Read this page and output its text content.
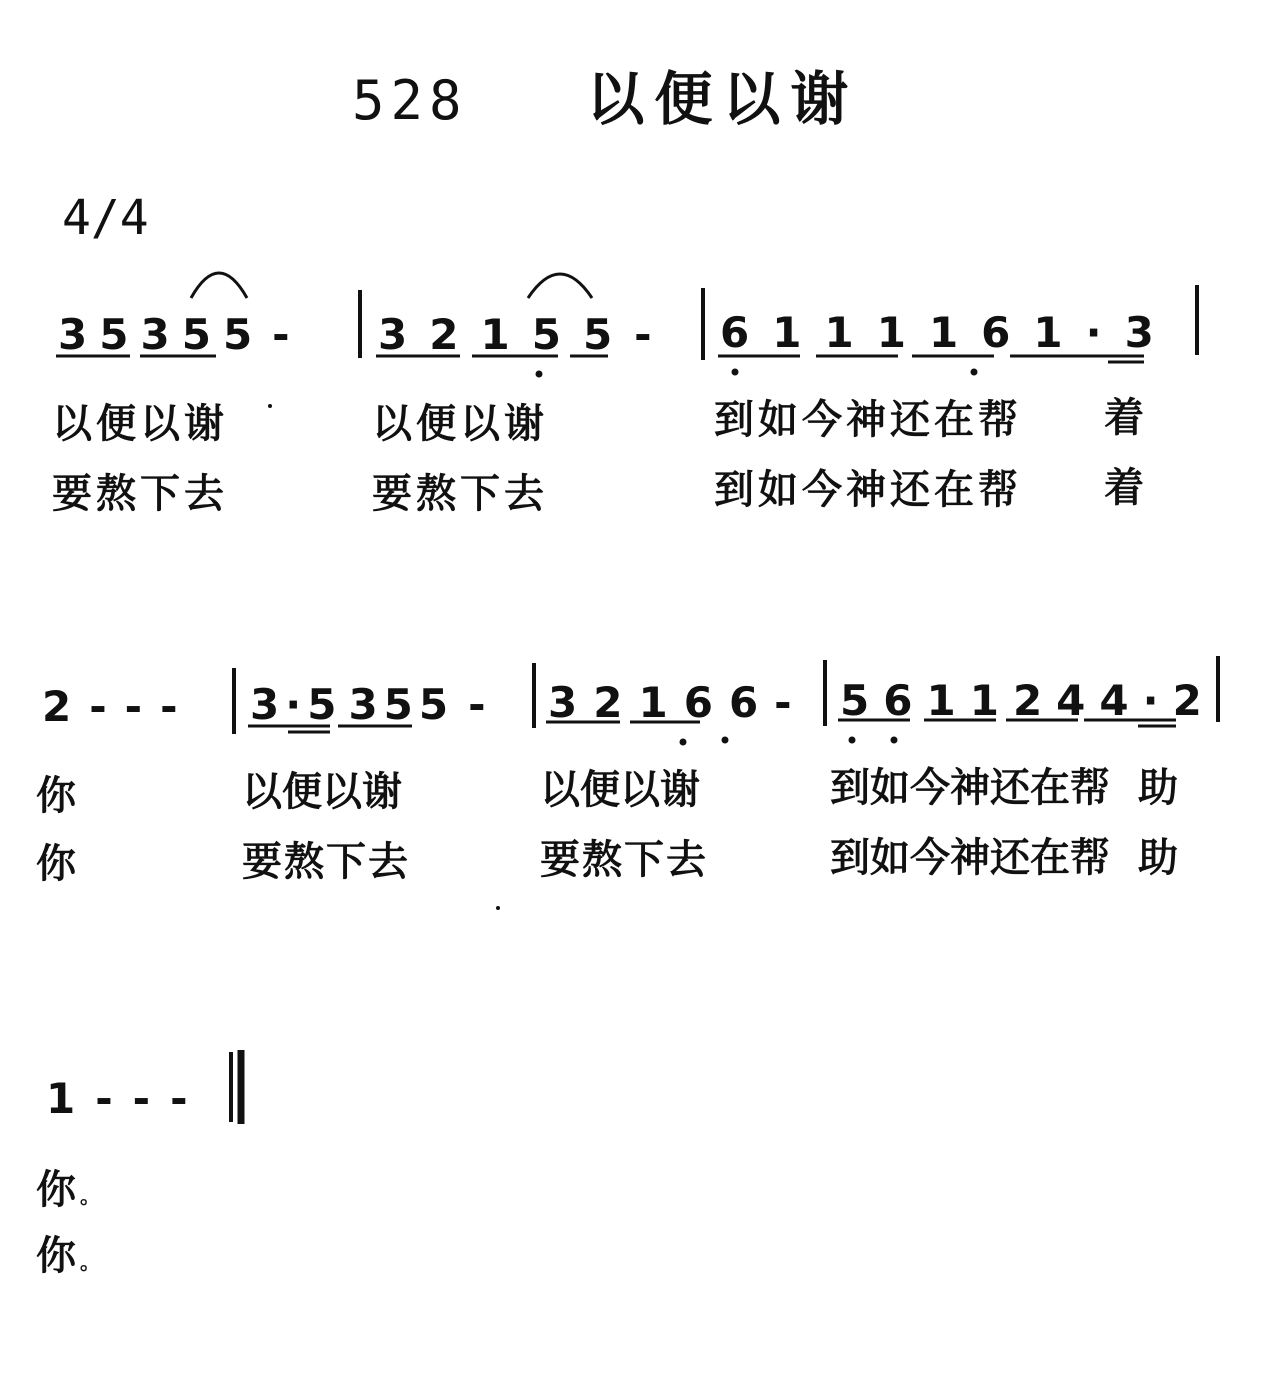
528 以便以谢
4/4
35355 - 32155- 6111161·3
以便以谢	以便以谢	到如今神还在帮 着
要熬下去	要熬下去	到如今神还在帮 着
2--- 3·5 355 - 32166- 5611244·2
你	以便以谢	以便以谢	到如今神还在帮 助
你	要熬下去	要熬下去	到如今神还在帮 助
1---
你。
你。
